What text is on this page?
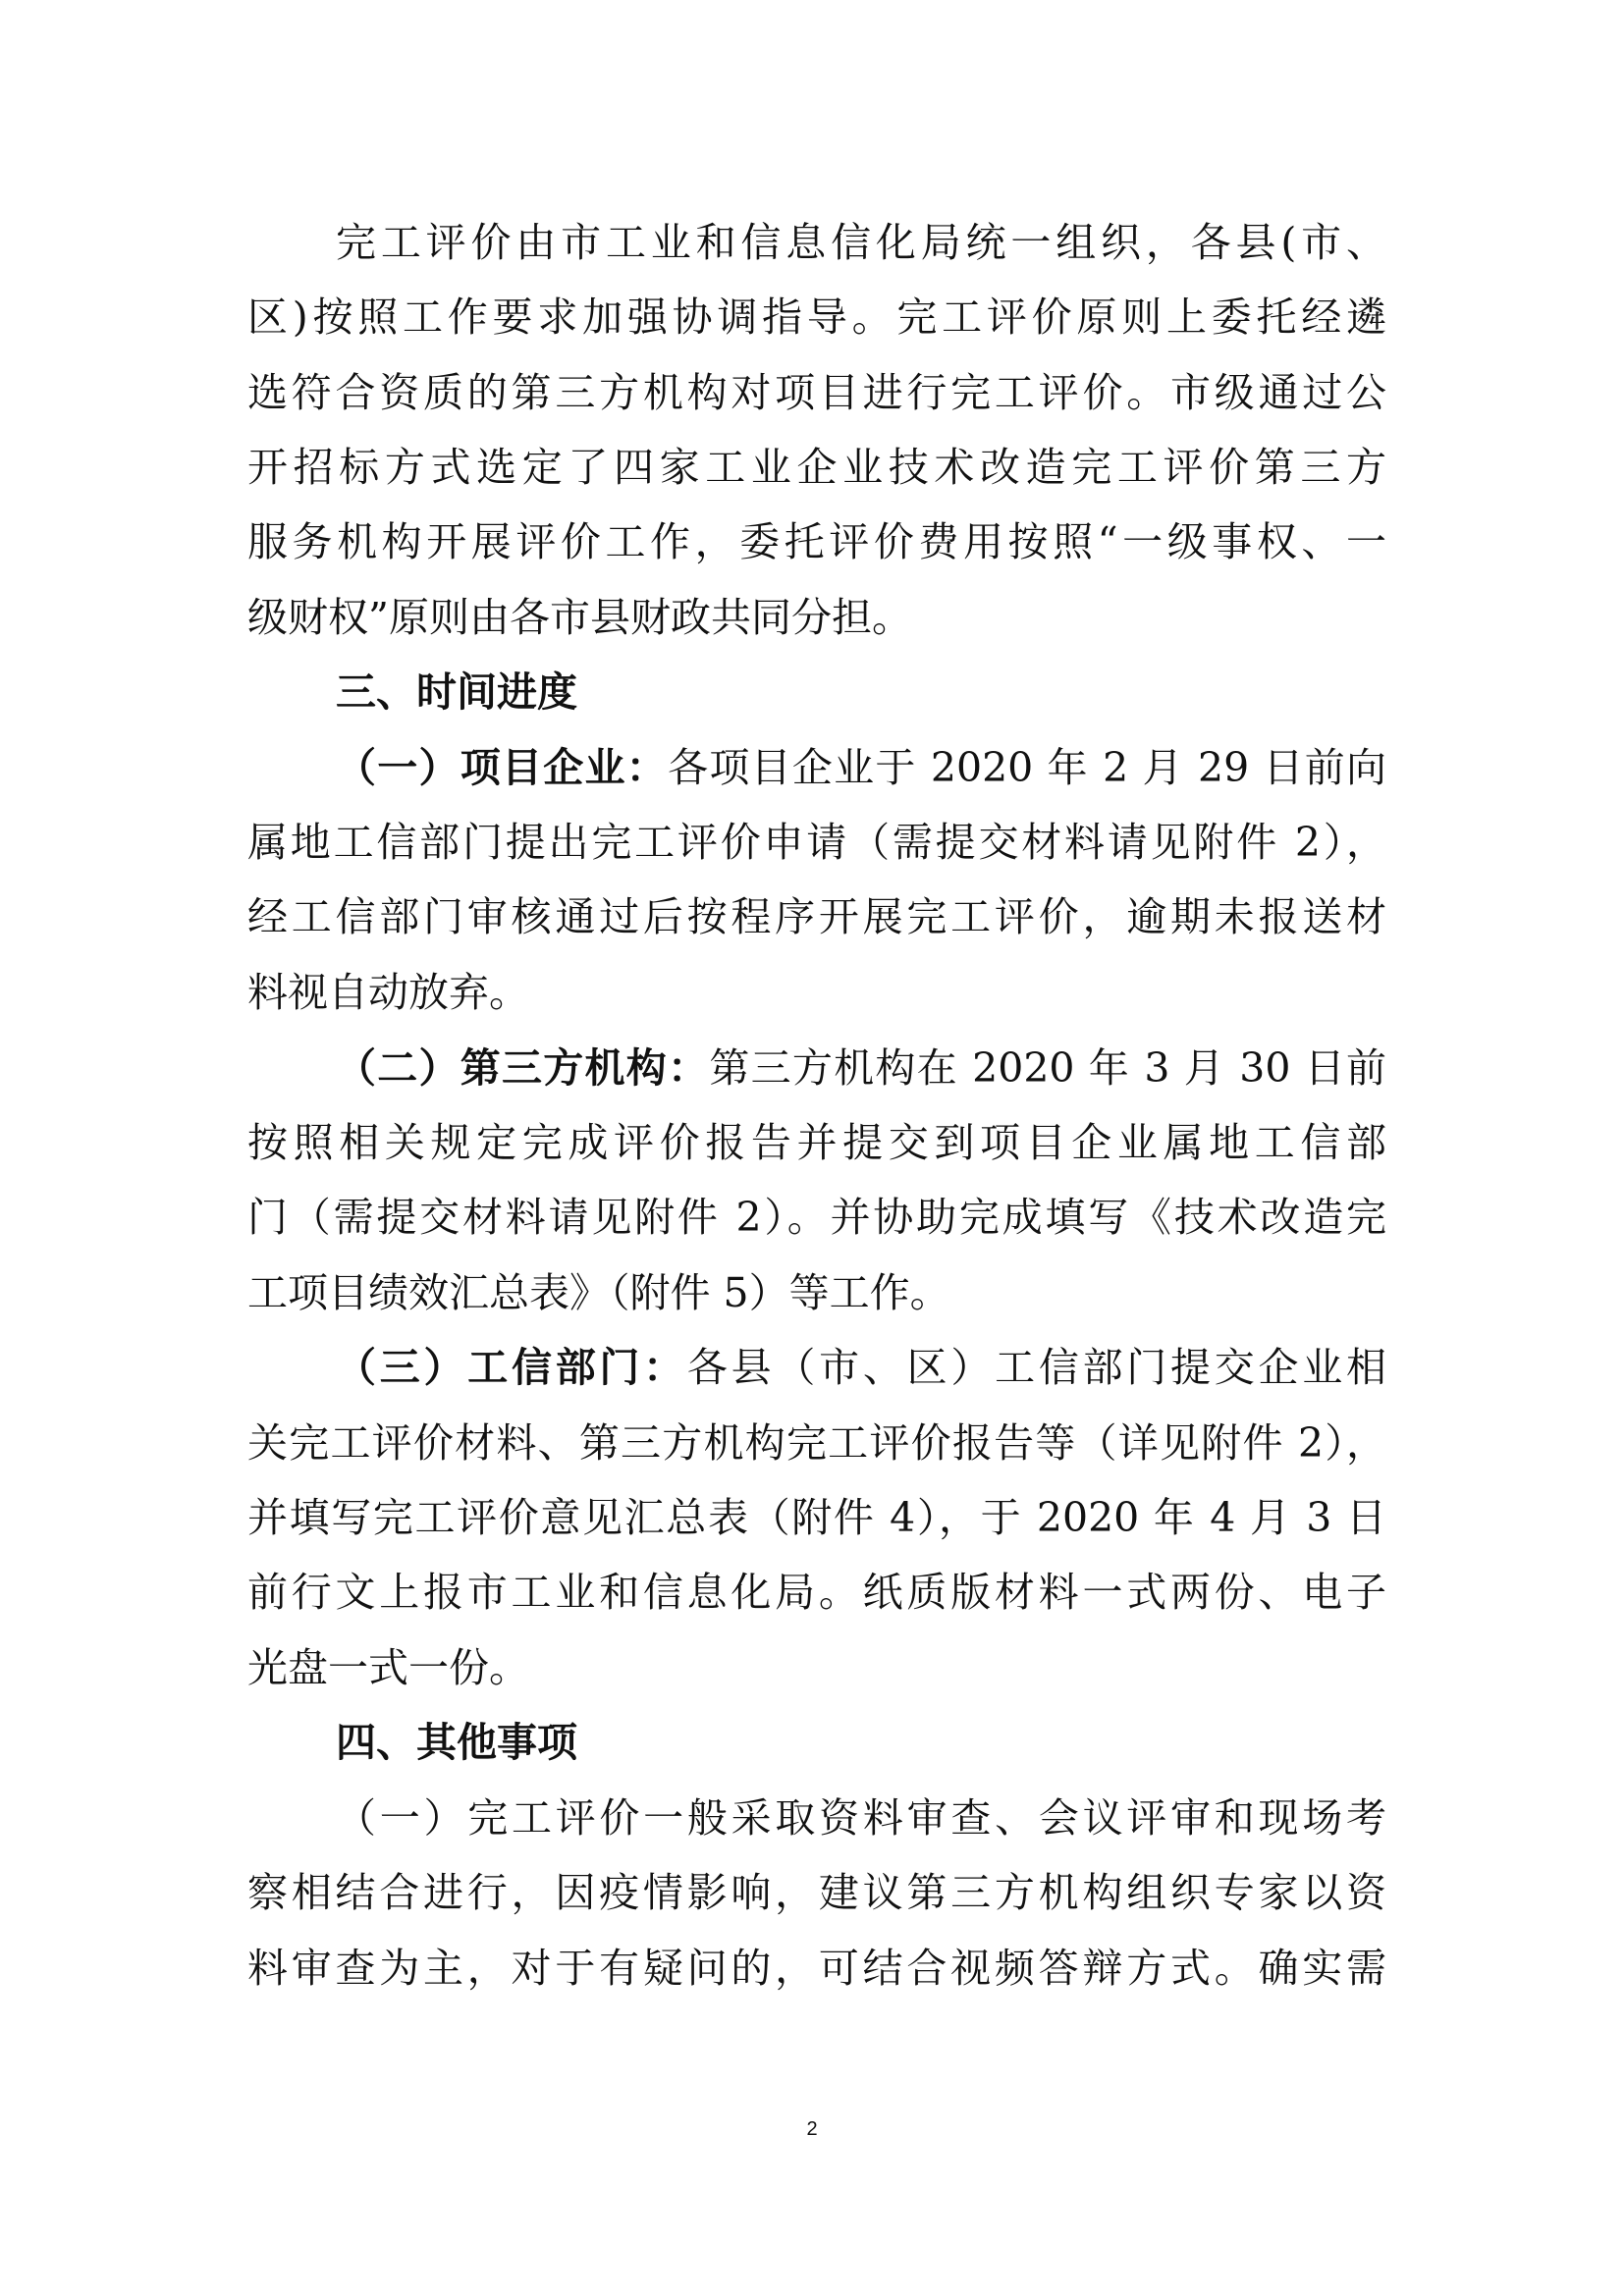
完工评价由市工业和信息信化局统一组织，各县(市、
区)按照工作要求加强协调指导。完工评价原则上委托经遴
选符合资质的第三方机构对项目进行完工评价。市级通过公
开招标方式选定了四家工业企业技术改造完工评价第三方
服务机构开展评价工作，委托评价费用按照“一级事权、一
级财权”原则由各市县财政共同分担。
三、时间进度
（一）项目企业：各项目企业于 2020 年 2 月 29 日前向
属地工信部门提出完工评价申请（需提交材料请见附件 2），
经工信部门审核通过后按程序开展完工评价，逾期未报送材
料视自动放弃。
（二）第三方机构：第三方机构在 2020 年 3 月 30 日前
按照相关规定完成评价报告并提交到项目企业属地工信部
门（需提交材料请见附件 2）。并协助完成填写《技术改造完
工项目绩效汇总表》（附件 5）等工作。
（三）工信部门：各县（市、区）工信部门提交企业相
关完工评价材料、第三方机构完工评价报告等（详见附件 2），
并填写完工评价意见汇总表（附件 4），于 2020 年 4 月 3 日
前行文上报市工业和信息化局。纸质版材料一式两份、电子
光盘一式一份。
四、其他事项
（一）完工评价一般采取资料审查、会议评审和现场考
察相结合进行，因疫情影响，建议第三方机构组织专家以资
料审查为主，对于有疑问的，可结合视频答辩方式。确实需
2
